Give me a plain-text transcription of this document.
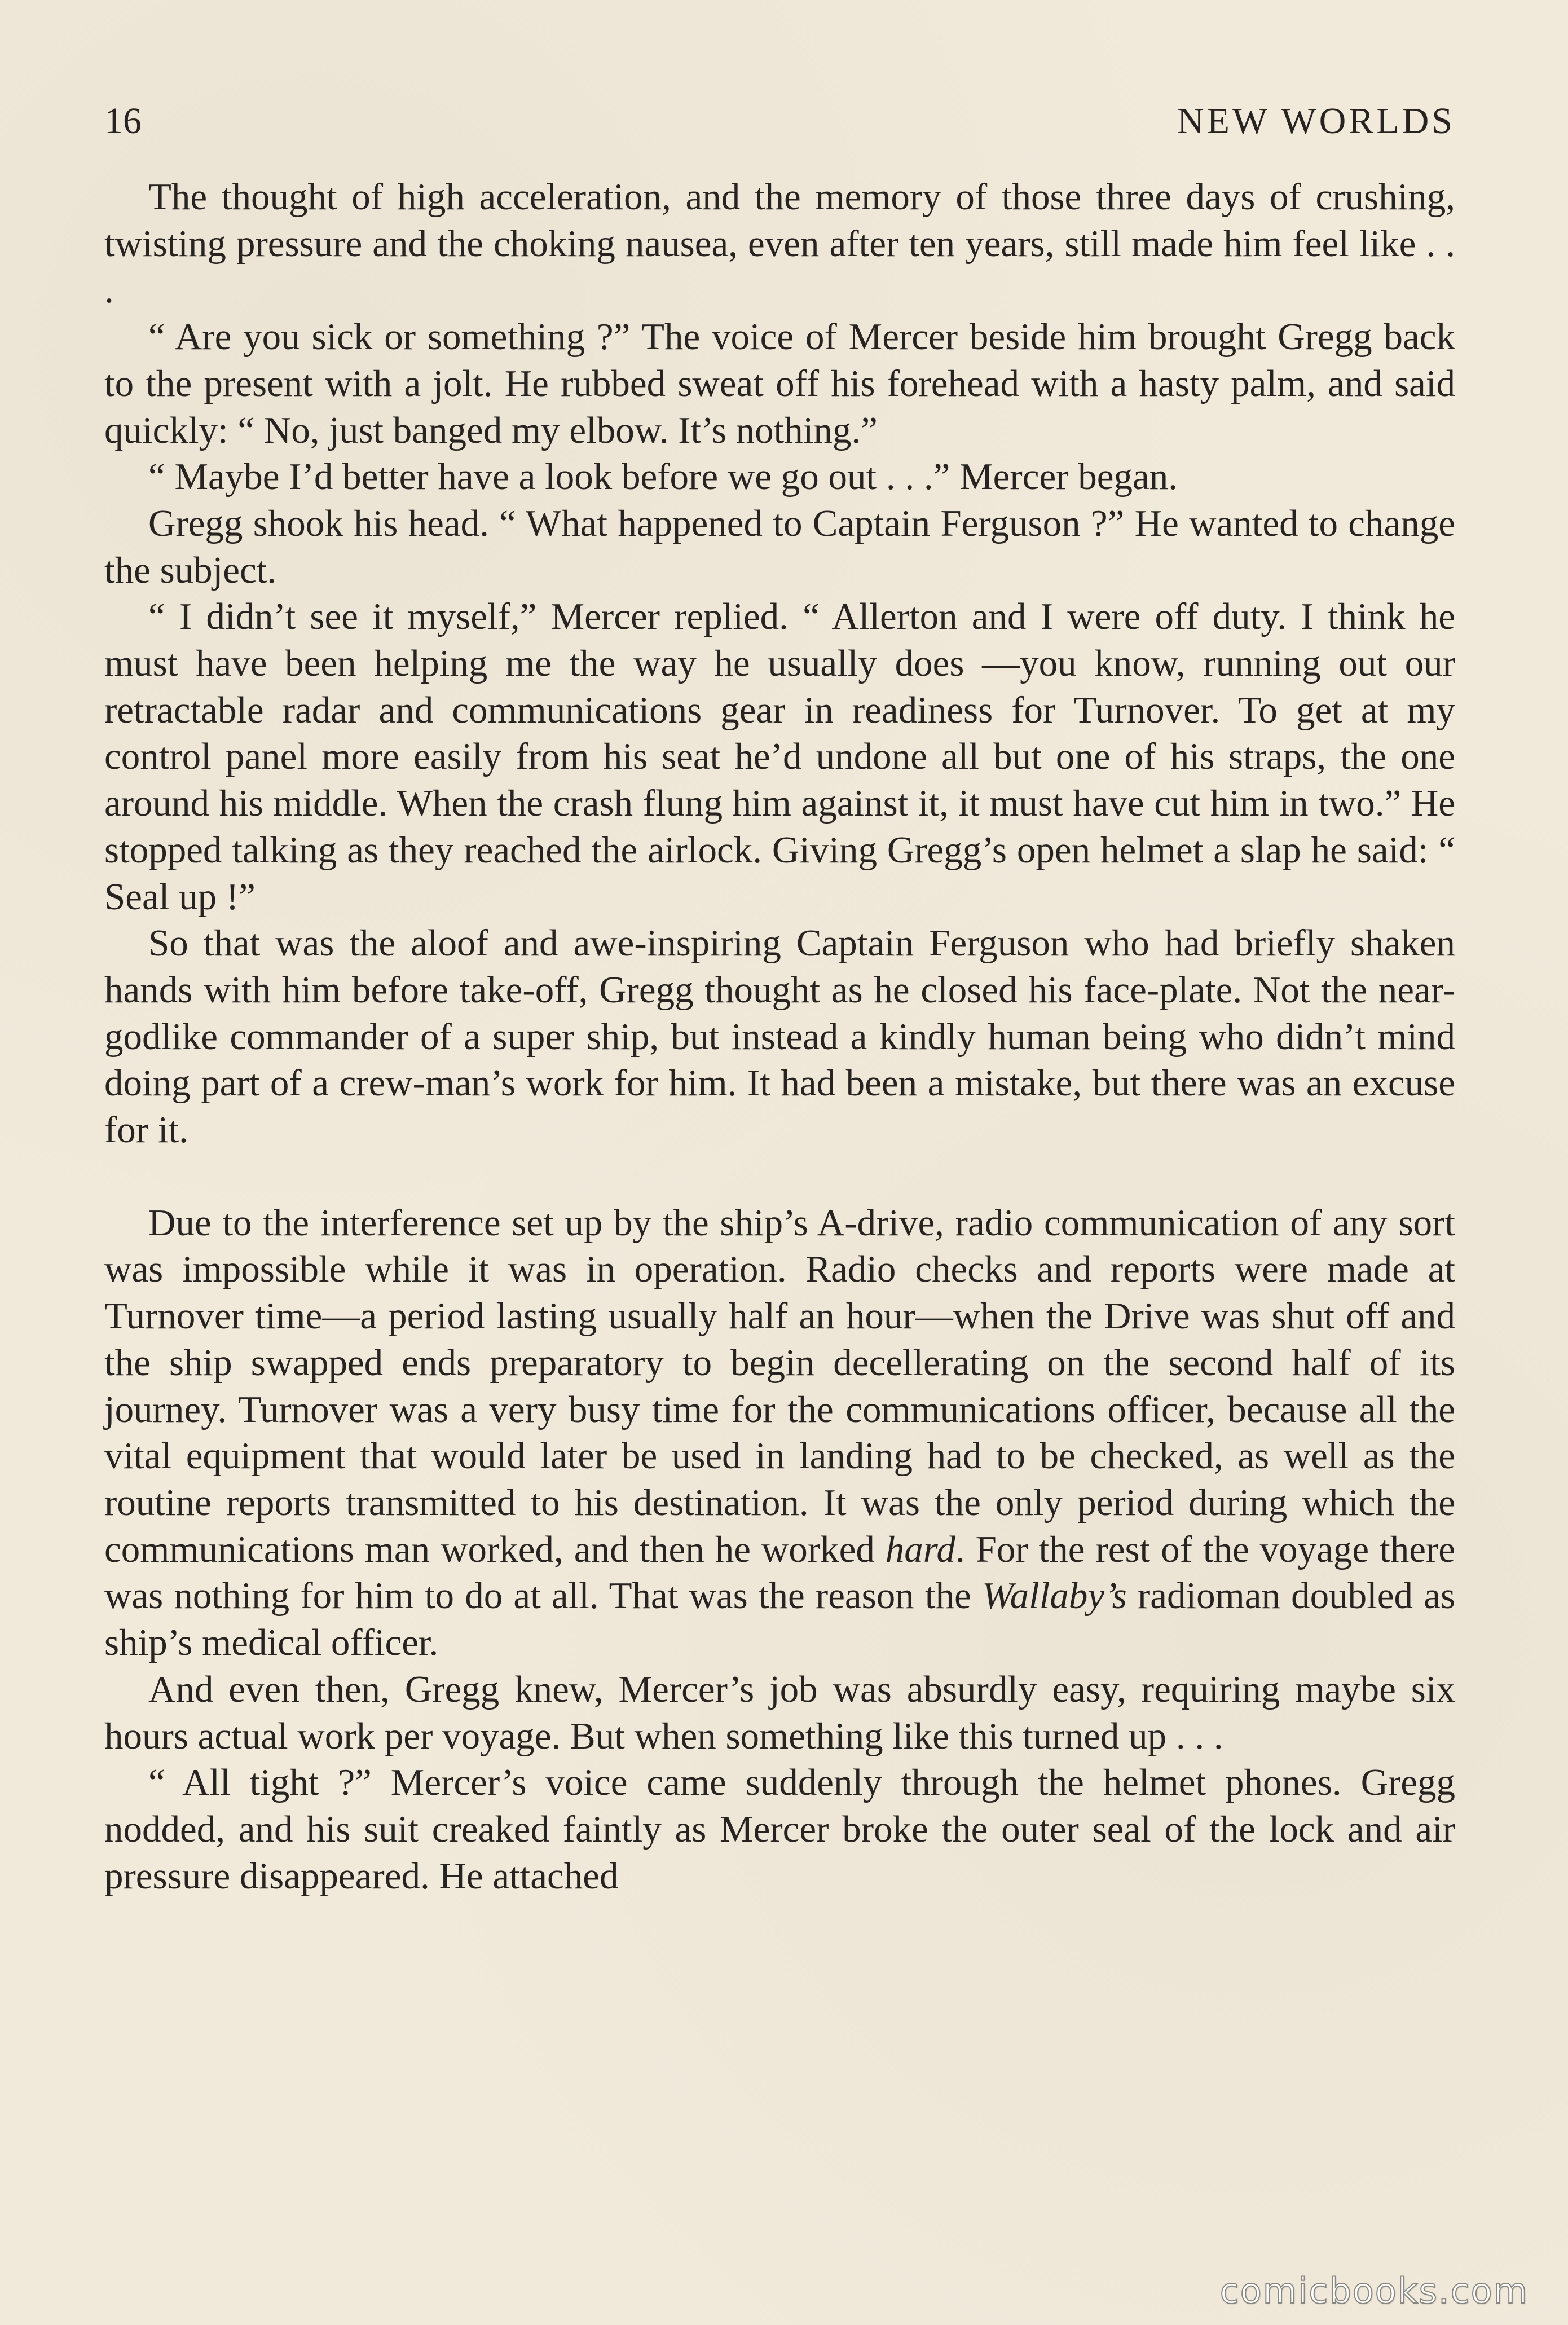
16	NEW WORLDS

The thought of high acceleration, and the memory of those three days of crushing, twisting pressure and the choking nausea, even after ten years, still made him feel like . . .

“ Are you sick or something ?” The voice of Mercer beside him brought Gregg back to the present with a jolt. He rubbed sweat off his forehead with a hasty palm, and said quickly: “ No, just banged my elbow. It’s nothing.”

“ Maybe I’d better have a look before we go out . . .” Mercer began.

Gregg shook his head. “ What happened to Captain Ferguson ?” He wanted to change the subject.

“ I didn’t see it myself,” Mercer replied. “ Allerton and I were off duty. I think he must have been helping me the way he usually does —you know, running out our retractable radar and communications gear in readiness for Turnover. To get at my control panel more easily from his seat he’d undone all but one of his straps, the one around his middle. When the crash flung him against it, it must have cut him in two.” He stopped talking as they reached the airlock. Giving Gregg’s open helmet a slap he said: “ Seal up !”

So that was the aloof and awe-inspiring Captain Ferguson who had briefly shaken hands with him before take-off, Gregg thought as he closed his face-plate. Not the near-godlike commander of a super ship, but instead a kindly human being who didn’t mind doing part of a crew-man’s work for him. It had been a mistake, but there was an excuse for it.

Due to the interference set up by the ship’s A-drive, radio communication of any sort was impossible while it was in operation. Radio checks and reports were made at Turnover time—a period lasting usually half an hour—when the Drive was shut off and the ship swapped ends preparatory to begin decellerating on the second half of its journey. Turnover was a very busy time for the communications officer, because all the vital equipment that would later be used in landing had to be checked, as well as the routine reports transmitted to his destination. It was the only period during which the communications man worked, and then he worked hard. For the rest of the voyage there was nothing for him to do at all. That was the reason the Wallaby’s radioman doubled as ship’s medical officer.

And even then, Gregg knew, Mercer’s job was absurdly easy, requiring maybe six hours actual work per voyage. But when something like this turned up . . .

“ All tight ?” Mercer’s voice came suddenly through the helmet phones. Gregg nodded, and his suit creaked faintly as Mercer broke the outer seal of the lock and air pressure disappeared. He attached

comicbooks.com
